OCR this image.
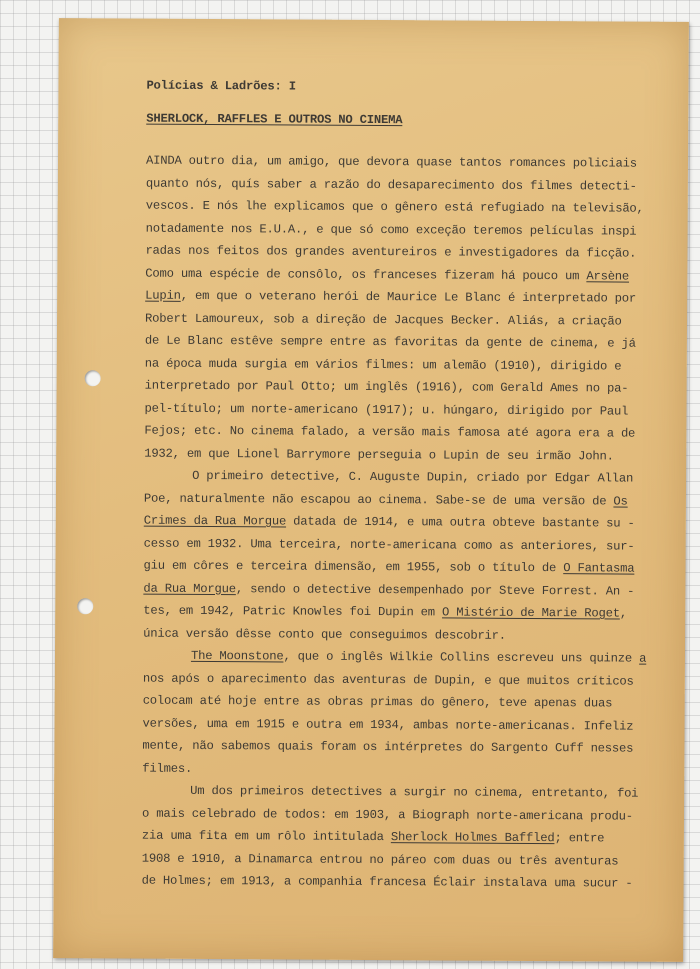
Polícias & Ladrões: I

SHERLOCK, RAFFLES E OUTROS NO CINEMA

AINDA outro dia, um amigo, que devora quase tantos romances policiais
quanto nós, quís saber a razão do desaparecimento dos filmes detecti-
vescos. E nós lhe explicamos que o gênero está refugiado na televisão,
notadamente nos E.U.A., e que só como exceção teremos películas inspi
radas nos feitos dos grandes aventureiros e investigadores da ficção.
Como uma espécie de consôlo, os franceses fizeram há pouco um Arsène
Lupin, em que o veterano herói de Maurice Le Blanc é interpretado por
Robert Lamoureux, sob a direção de Jacques Becker. Aliás, a criação
de Le Blanc estêve sempre entre as favoritas da gente de cinema, e já
na época muda surgia em vários filmes: um alemão (1910), dirigido e
interpretado por Paul Otto; um inglês (1916), com Gerald Ames no pa-
pel-título; um norte-americano (1917); u. húngaro, dirigido por Paul
Fejos; etc. No cinema falado, a versão mais famosa até agora era a de
1932, em que Lionel Barrymore perseguia o Lupin de seu irmão John.
O primeiro detective, C. Auguste Dupin, criado por Edgar Allan
Poe, naturalmente não escapou ao cinema. Sabe-se de uma versão de Os
Crimes da Rua Morgue datada de 1914, e uma outra obteve bastante su -
cesso em 1932. Uma terceira, norte-americana como as anteriores, sur-
giu em côres e terceira dimensão, em 1955, sob o título de O Fantasma
da Rua Morgue, sendo o detective desempenhado por Steve Forrest. An -
tes, em 1942, Patric Knowles foi Dupin em O Mistério de Marie Roget,
única versão dêsse conto que conseguimos descobrir.
The Moonstone, que o inglês Wilkie Collins escreveu uns quinze a
nos após o aparecimento das aventuras de Dupin, e que muitos críticos
colocam até hoje entre as obras primas do gênero, teve apenas duas
versões, uma em 1915 e outra em 1934, ambas norte-americanas. Infeliz
mente, não sabemos quais foram os intérpretes do Sargento Cuff nesses
filmes.
Um dos primeiros detectives a surgir no cinema, entretanto, foi
o mais celebrado de todos: em 1903, a Biograph norte-americana produ-
zia uma fita em um rôlo intitulada Sherlock Holmes Baffled; entre
1908 e 1910, a Dinamarca entrou no páreo com duas ou três aventuras
de Holmes; em 1913, a companhia francesa Éclair instalava uma sucur -
